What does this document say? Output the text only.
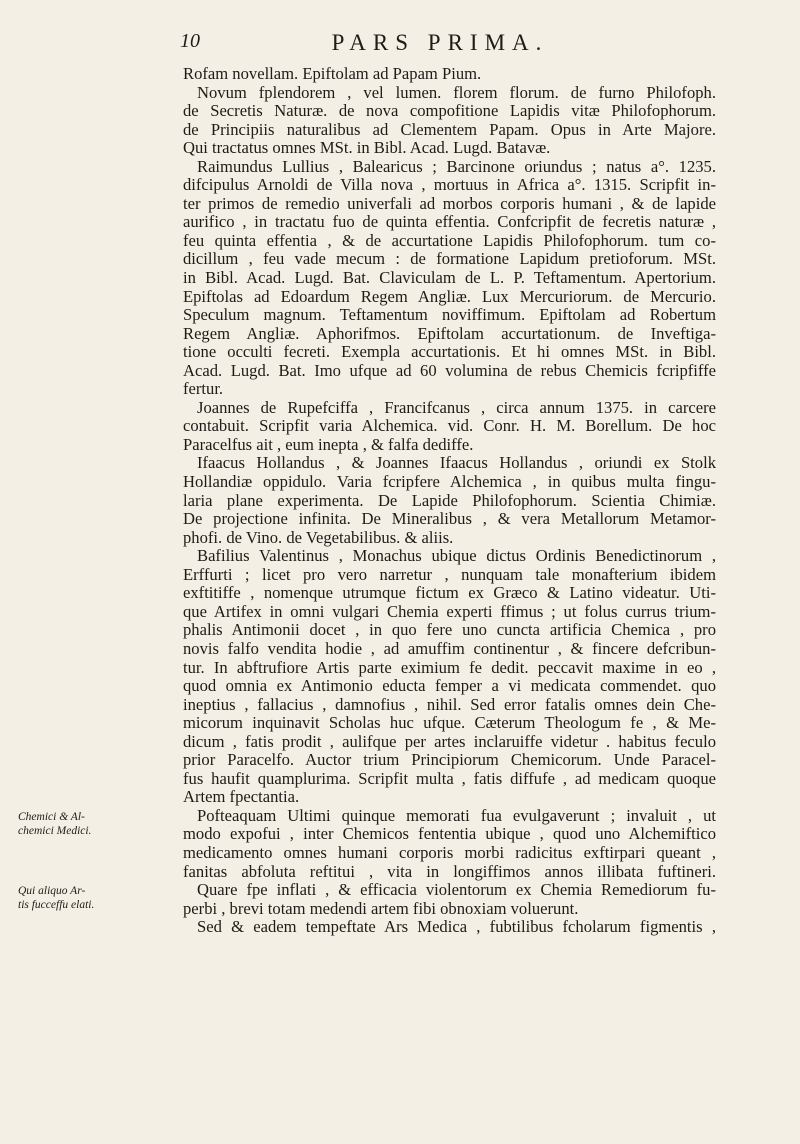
10	PARS PRIMA.
Rofam novellam. Epiftolam ad Papam Pium.
Novum fplendorem , vel lumen. florem florum. de furno Philofoph.
de Secretis Naturæ. de nova compofitione Lapidis vitæ Philofophorum.
de Principiis naturalibus ad Clementem Papam. Opus in Arte Majore.
Qui tractatus omnes MSt. in Bibl. Acad. Lugd. Batavæ.
Raimundus Lullius , Balearicus ; Barcinone oriundus ; natus a°. 1235.
difcipulus Arnoldi de Villa nova , mortuus in Africa a°. 1315. Scripfit in-
ter primos de remedio univerfali ad morbos corporis humani , & de lapide
aurifico , in tractatu fuo de quinta effentia. Confcripfit de fecretis naturæ ,
feu quinta effentia , & de accurtatione Lapidis Philofophorum. tum co-
dicillum , feu vade mecum : de formatione Lapidum pretioforum. MSt.
in Bibl. Acad. Lugd. Bat. Claviculam de L. P. Teftamentum. Apertorium.
Epiftolas ad Edoardum Regem Angliæ. Lux Mercuriorum. de Mercurio.
Speculum magnum. Teftamentum noviffimum. Epiftolam ad Robertum
Regem Angliæ. Aphorifmos. Epiftolam accurtationum. de Inveftiga-
tione occulti fecreti. Exempla accurtationis. Et hi omnes MSt. in Bibl.
Acad. Lugd. Bat. Imo ufque ad 60 volumina de rebus Chemicis fcripfiffe
fertur.
Joannes de Rupefciffa , Francifcanus , circa annum 1375. in carcere
contabuit. Scripfit varia Alchemica. vid. Conr. H. M. Borellum. De hoc
Paracelfus ait , eum inepta , & falfa dediffe.
Ifaacus Hollandus , & Joannes Ifaacus Hollandus , oriundi ex Stolk
Hollandiæ oppidulo. Varia fcripfere Alchemica , in quibus multa fingu-
laria plane experimenta. De Lapide Philofophorum. Scientia Chimiæ.
De projectione infinita. De Mineralibus , & vera Metallorum Metamor-
phofi. de Vino. de Vegetabilibus. & aliis.
Bafilius Valentinus , Monachus ubique dictus Ordinis Benedictinorum ,
Erffurti ; licet pro vero narretur , nunquam tale monafterium ibidem
exftitiffe , nomenque utrumque fictum ex Græco & Latino videatur. Uti-
que Artifex in omni vulgari Chemia experti ffimus ; ut folus currus trium-
phalis Antimonii docet , in quo fere uno cuncta artificia Chemica , pro
novis falfo vendita hodie , ad amuffim continentur , & fincere defcribun-
tur. In abftrufiore Artis parte eximium fe dedit. peccavit maxime in eo ,
quod omnia ex Antimonio educta femper a vi medicata commendet. quo
ineptius , fallacius , damnofius , nihil. Sed error fatalis omnes dein Che-
micorum inquinavit Scholas huc ufque. Cæterum Theologum fe , & Me-
dicum , fatis prodit , aulifque per artes inclaruiffe videtur . habitus feculo
prior Paracelfo. Auctor trium Principiorum Chemicorum. Unde Paracel-
fus haufit quamplurima. Scripfit multa , fatis diffufe , ad medicam quoque
Artem fpectantia.
Pofteaquam Ultimi quinque memorati fua evulgaverunt ; invaluit , ut
modo expofui , inter Chemicos fententia ubique , quod uno Alchemiftico
medicamento omnes humani corporis morbi radicitus exftirpari queant ,
fanitas abfoluta reftitui , vita in longiffimos annos illibata fuftineri.
Quare fpe inflati , & efficacia violentorum ex Chemia Remediorum fu-
perbi , brevi totam medendi artem fibi obnoxiam voluerunt.
Sed & eadem tempeftate Ars Medica , fubtilibus fcholarum figmentis ,
Chemici & Al-
chemici Medici.
Qui aliquo Ar-
tis fucceffu elati.
